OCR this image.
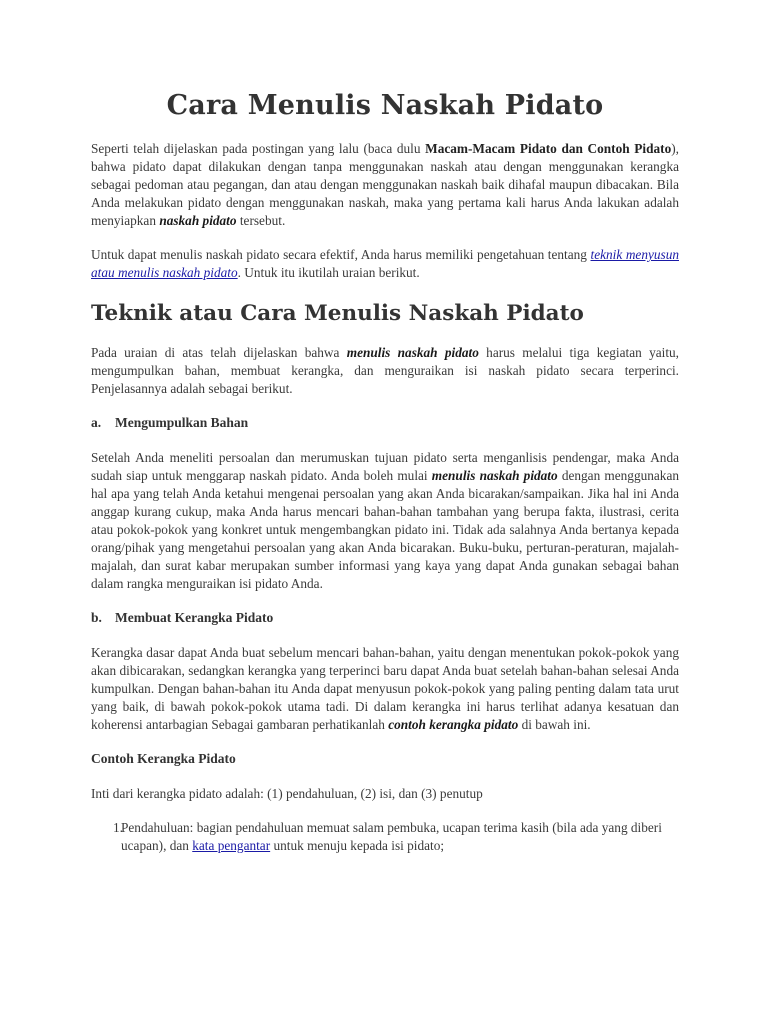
Cara Menulis Naskah Pidato

Seperti telah dijelaskan pada postingan yang lalu (baca dulu Macam-Macam Pidato dan Contoh Pidato), bahwa pidato dapat dilakukan dengan tanpa menggunakan naskah atau dengan menggunakan kerangka sebagai pedoman atau pegangan, dan atau dengan menggunakan naskah baik dihafal maupun dibacakan. Bila Anda melakukan pidato dengan menggunakan naskah, maka yang pertama kali harus Anda lakukan adalah menyiapkan naskah pidato tersebut.

Untuk dapat menulis naskah pidato secara efektif, Anda harus memiliki pengetahuan tentang teknik menyusun atau menulis naskah pidato. Untuk itu ikutilah uraian berikut.

Teknik atau Cara Menulis Naskah Pidato

Pada uraian di atas telah dijelaskan bahwa menulis naskah pidato harus melalui tiga kegiatan yaitu, mengumpulkan bahan, membuat kerangka, dan menguraikan isi naskah pidato secara terperinci. Penjelasannya adalah sebagai berikut.

a. Mengumpulkan Bahan

Setelah Anda meneliti persoalan dan merumuskan tujuan pidato serta menganlisis pendengar, maka Anda sudah siap untuk menggarap naskah pidato. Anda boleh mulai menulis naskah pidato dengan menggunakan hal apa yang telah Anda ketahui mengenai persoalan yang akan Anda bicarakan/sampaikan. Jika hal ini Anda anggap kurang cukup, maka Anda harus mencari bahan-bahan tambahan yang berupa fakta, ilustrasi, cerita atau pokok-pokok yang konkret untuk mengembangkan pidato ini. Tidak ada salahnya Anda bertanya kepada orang/pihak yang mengetahui persoalan yang akan Anda bicarakan. Buku-buku, perturan-peraturan, majalah-majalah, dan surat kabar merupakan sumber informasi yang kaya yang dapat Anda gunakan sebagai bahan dalam rangka menguraikan isi pidato Anda.

b. Membuat Kerangka Pidato

Kerangka dasar dapat Anda buat sebelum mencari bahan-bahan, yaitu dengan menentukan pokok-pokok yang akan dibicarakan, sedangkan kerangka yang terperinci baru dapat Anda buat setelah bahan-bahan selesai Anda kumpulkan. Dengan bahan-bahan itu Anda dapat menyusun pokok-pokok yang paling penting dalam tata urut yang baik, di bawah pokok-pokok utama tadi. Di dalam kerangka ini harus terlihat adanya kesatuan dan koherensi antarbagian Sebagai gambaran perhatikanlah contoh kerangka pidato di bawah ini.

Contoh Kerangka Pidato

Inti dari kerangka pidato adalah: (1) pendahuluan, (2) isi, dan (3) penutup

1.
Pendahuluan: bagian pendahuluan memuat salam pembuka, ucapan terima kasih (bila ada yang diberi ucapan), dan kata pengantar untuk menuju kepada isi pidato;
